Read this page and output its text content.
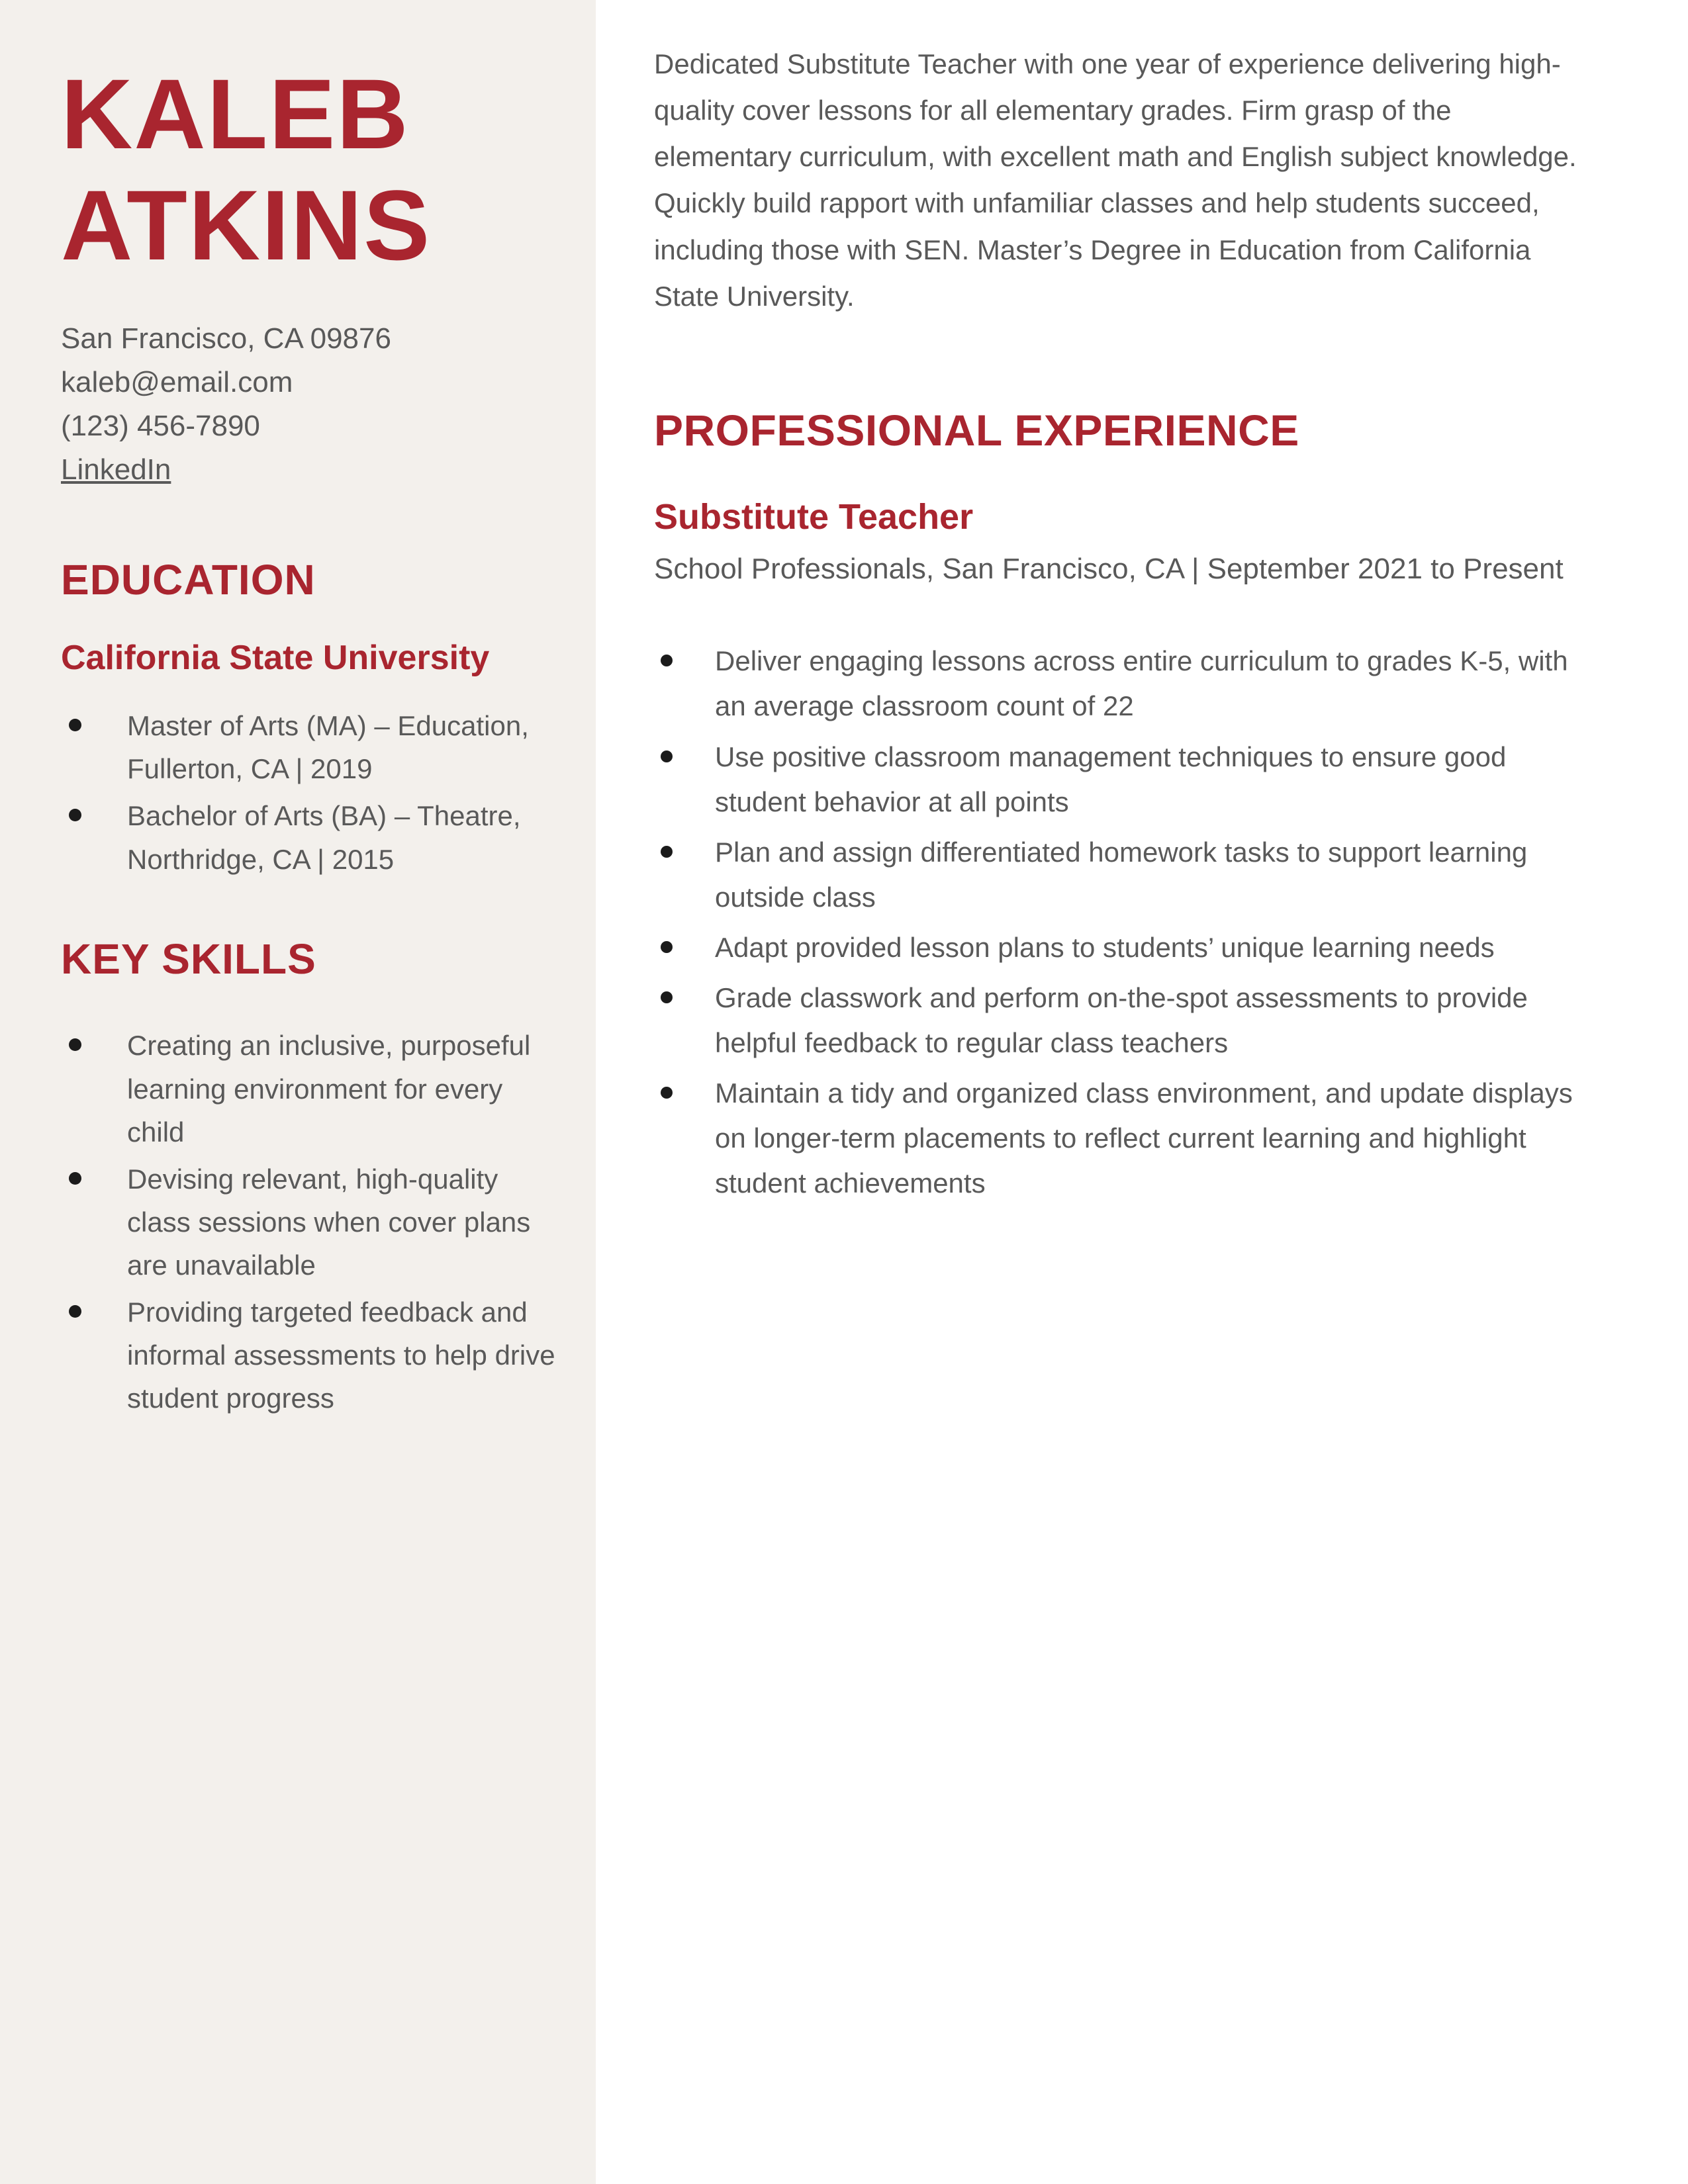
KALEB
ATKINS
San Francisco, CA 09876
kaleb@email.com
(123) 456-7890
LinkedIn
EDUCATION
California State University
Master of Arts (MA) – Education, Fullerton, CA | 2019
Bachelor of Arts (BA) – Theatre, Northridge, CA | 2015
KEY SKILLS
Creating an inclusive, purposeful learning environment for every child
Devising relevant, high-quality class sessions when cover plans are unavailable
Providing targeted feedback and informal assessments to help drive student progress

Dedicated Substitute Teacher with one year of experience delivering high-quality cover lessons for all elementary grades. Firm grasp of the elementary curriculum, with excellent math and English subject knowledge. Quickly build rapport with unfamiliar classes and help students succeed, including those with SEN. Master’s Degree in Education from California State University.

PROFESSIONAL EXPERIENCE
Substitute Teacher

School Professionals, San Francisco, CA | September 2021 to Present

Deliver engaging lessons across entire curriculum to grades K-5, with an average classroom count of 22
Use positive classroom management techniques to ensure good student behavior at all points
Plan and assign differentiated homework tasks to support learning outside class
Adapt provided lesson plans to students’ unique learning needs
Grade classwork and perform on-the-spot assessments to provide helpful feedback to regular class teachers
Maintain a tidy and organized class environment, and update displays on longer-term placements to reflect current learning and highlight student achievements
